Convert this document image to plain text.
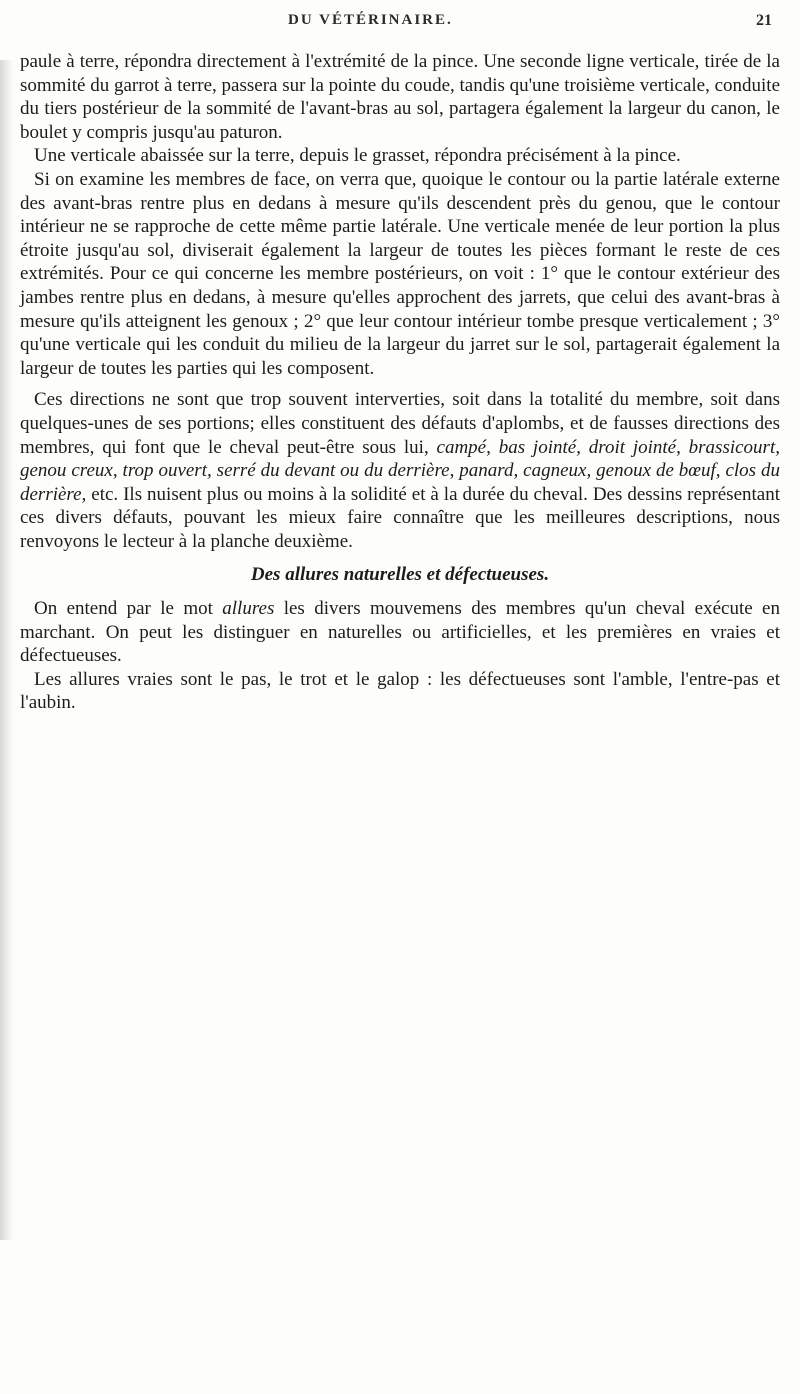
DU VÉTÉRINAIRE.	21

paule à terre, répondra directement à l'extrémité de la pince. Une seconde ligne verticale, tirée de la sommité du garrot à terre, passera sur la pointe du coude, tandis qu'une troisième verticale, conduite du tiers postérieur de la sommité de l'avant-bras au sol, partagera également la largeur du canon, le boulet y compris jusqu'au paturon.

Une verticale abaissée sur la terre, depuis le grasset, répondra précisément à la pince.

Si on examine les membres de face, on verra que, quoique le contour ou la partie latérale externe des avant-bras rentre plus en dedans à mesure qu'ils descendent près du genou, que le contour intérieur ne se rapproche de cette même partie latérale. Une verticale menée de leur portion la plus étroite jusqu'au sol, diviserait également la largeur de toutes les pièces formant le reste de ces extrémités. Pour ce qui concerne les membre postérieurs, on voit : 1° que le contour extérieur des jambes rentre plus en dedans, à mesure qu'elles approchent des jarrets, que celui des avant-bras à mesure qu'ils atteignent les genoux ; 2° que leur contour intérieur tombe presque verticalement ; 3° qu'une verticale qui les conduit du milieu de la largeur du jarret sur le sol, partagerait également la largeur de toutes les parties qui les composent.

Ces directions ne sont que trop souvent interverties, soit dans la totalité du membre, soit dans quelques-unes de ses portions; elles constituent des défauts d'aplombs, et de fausses directions des membres, qui font que le cheval peut-être sous lui, campé, bas jointé, droit jointé, brassicourt, genou creux, trop ouvert, serré du devant ou du derrière, panard, cagneux, genoux de bœuf, clos du derrière, etc. Ils nuisent plus ou moins à la solidité et à la durée du cheval. Des dessins représentant ces divers défauts, pouvant les mieux faire connaître que les meilleures descriptions, nous renvoyons le lecteur à la planche deuxième.

Des allures naturelles et défectueuses.

On entend par le mot allures les divers mouvemens des membres qu'un cheval exécute en marchant. On peut les distinguer en naturelles ou artificielles, et les premières en vraies et défectueuses.

Les allures vraies sont le pas, le trot et le galop : les défectueuses sont l'amble, l'entre-pas et l'aubin.
